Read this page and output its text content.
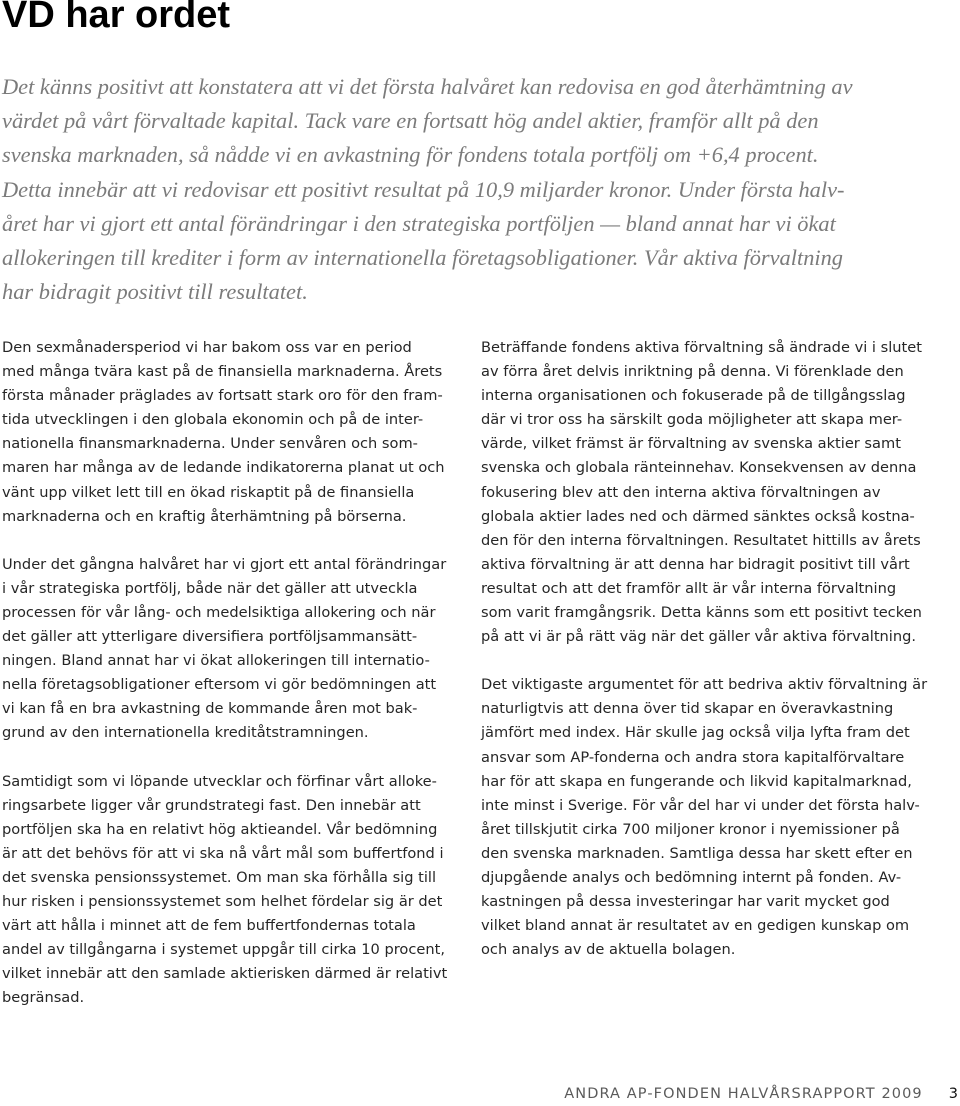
VD har ordet
Det känns positivt att konstatera att vi det första halvåret kan redovisa en god återhämtning av
värdet på vårt förvaltade kapital. Tack vare en fortsatt hög andel aktier, framför allt på den
svenska marknaden, så nådde vi en avkastning för fondens totala portfölj om +6,4 procent.
Detta innebär att vi redovisar ett positivt resultat på 10,9 miljarder kronor. Under första halv-
året har vi gjort ett antal förändringar i den strategiska portföljen — bland annat har vi ökat
allokeringen till krediter i form av internationella företagsobligationer. Vår aktiva förvaltning
har bidragit positivt till resultatet.

Den sexmånadersperiod vi har bakom oss var en period
med många tvära kast på de finansiella marknaderna. Årets
första månader präglades av fortsatt stark oro för den fram-
tida utvecklingen i den globala ekonomin och på de inter-
nationella finansmarknaderna. Under senvåren och som-
maren har många av de ledande indikatorerna planat ut och
vänt upp vilket lett till en ökad riskaptit på de finansiella
marknaderna och en kraftig återhämtning på börserna.

Under det gångna halvåret har vi gjort ett antal förändringar
i vår strategiska portfölj, både när det gäller att utveckla
processen för vår lång- och medelsiktiga allokering och när
det gäller att ytterligare diversifiera portföljsammansätt-
ningen. Bland annat har vi ökat allokeringen till internatio-
nella företagsobligationer eftersom vi gör bedömningen att
vi kan få en bra avkastning de kommande åren mot bak-
grund av den internationella kreditåtstramningen.

Samtidigt som vi löpande utvecklar och förfinar vårt alloke-
ringsarbete ligger vår grundstrategi fast. Den innebär att
portföljen ska ha en relativt hög aktieandel. Vår bedömning
är att det behövs för att vi ska nå vårt mål som buffertfond i
det svenska pensionssystemet. Om man ska förhålla sig till
hur risken i pensionssystemet som helhet fördelar sig är det
värt att hålla i minnet att de fem buffertfondernas totala
andel av tillgångarna i systemet uppgår till cirka 10 procent,
vilket innebär att den samlade aktierisken därmed är relativt
begränsad.

Beträffande fondens aktiva förvaltning så ändrade vi i slutet
av förra året delvis inriktning på denna. Vi förenklade den
interna organisationen och fokuserade på de tillgångsslag
där vi tror oss ha särskilt goda möjligheter att skapa mer-
värde, vilket främst är förvaltning av svenska aktier samt
svenska och globala ränteinnehav. Konsekvensen av denna
fokusering blev att den interna aktiva förvaltningen av
globala aktier lades ned och därmed sänktes också kostna-
den för den interna förvaltningen. Resultatet hittills av årets
aktiva förvaltning är att denna har bidragit positivt till vårt
resultat och att det framför allt är vår interna förvaltning
som varit framgångsrik. Detta känns som ett positivt tecken
på att vi är på rätt väg när det gäller vår aktiva förvaltning.

Det viktigaste argumentet för att bedriva aktiv förvaltning är
naturligtvis att denna över tid skapar en överavkastning
jämfört med index. Här skulle jag också vilja lyfta fram det
ansvar som AP-fonderna och andra stora kapitalförvaltare
har för att skapa en fungerande och likvid kapitalmarknad,
inte minst i Sverige. För vår del har vi under det första halv-
året tillskjutit cirka 700 miljoner kronor i nyemissioner på
den svenska marknaden. Samtliga dessa har skett efter en
djupgående analys och bedömning internt på fonden. Av-
kastningen på dessa investeringar har varit mycket god
vilket bland annat är resultatet av en gedigen kunskap om
och analys av de aktuella bolagen.

ANDRA AP-FONDEN HALVÅRSRAPPORT 2009 3
